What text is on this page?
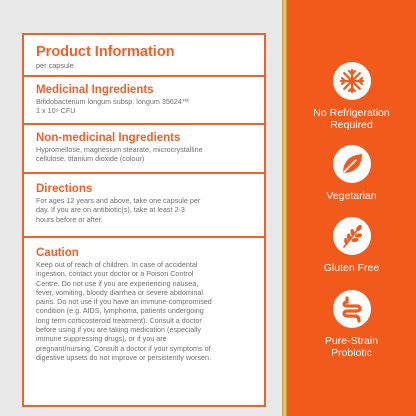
Product Information

per capsule

Medicinal Ingredients

Bifidobacterium longum subsp. longum 35624™

1 x 10⁹ CFU

Non-medicinal Ingredients

Hypromellose, magnesium stearate, microcrystalline

cellulose, titanium dioxide (colour)

Directions

For ages 12 years and above, take one capsule per

day. If you are on antibiotic(s), take at least 2-3

hours before or after.

Caution

Keep out of reach of children. In case of accidental

ingestion, contact your doctor or a Poison Control

Centre. Do not use if you are experiencing nausea,

fever, vomiting, bloody diarrhea or severe abdominal

pains. Do not use if you have an immune-compromised

condition (e.g. AIDS, lymphoma, patients undergoing

long term corticosteroid treatment). Consult a doctor

before using if you are taking medication (especially

immune suppressing drugs), or if you are

pregnant/nursing. Consult a doctor if your symptoms of

digestive upsets do not improve or persistently worsen.

No Refrigeration
Required
Vegetarian
Gluten Free
Pure-Strain
Probiotic
